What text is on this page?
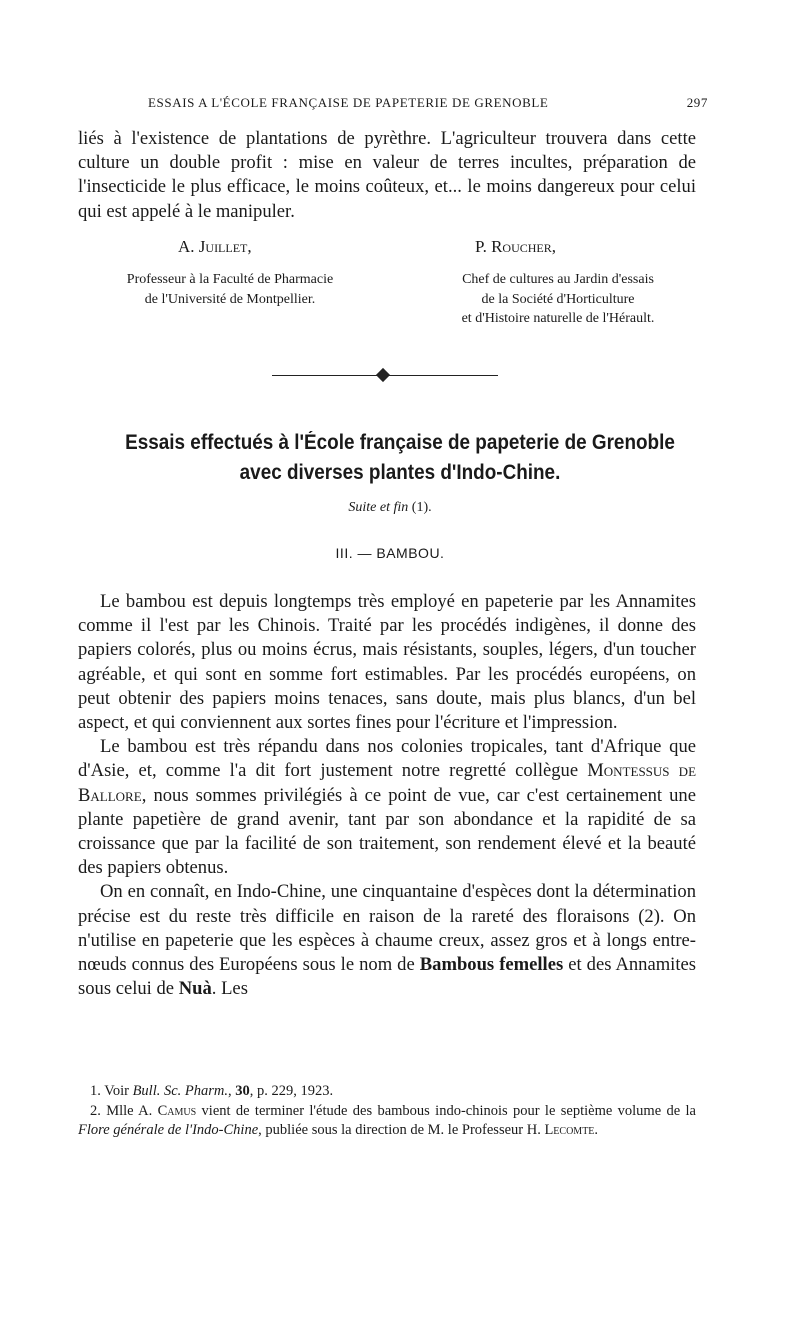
ESSAIS A L'ÉCOLE FRANÇAISE DE PAPETERIE DE GRENOBLE	297

liés à l'existence de plantations de pyrèthre. L'agriculteur trouvera dans cette culture un double profit : mise en valeur de terres incultes, préparation de l'insecticide le plus efficace, le moins coûteux, et... le moins dangereux pour celui qui est appelé à le manipuler.

A. Juillet,	P. Roucher,
Professeur à la Faculté de Pharmacie
de l'Université de Montpellier.
Chef de cultures au Jardin d'essais
de la Société d'Horticulture
et d'Histoire naturelle de l'Hérault.
Essais effectués à l'École française de papeterie de Grenoble
avec diverses plantes d'Indo-Chine.
Suite et fin (1).
III. — BAMBOU.

Le bambou est depuis longtemps très employé en papeterie par les Annamites comme il l'est par les Chinois. Traité par les procédés indigènes, il donne des papiers colorés, plus ou moins écrus, mais résistants, souples, légers, d'un toucher agréable, et qui sont en somme fort estimables. Par les procédés européens, on peut obtenir des papiers moins tenaces, sans doute, mais plus blancs, d'un bel aspect, et qui conviennent aux sortes fines pour l'écriture et l'impression.

Le bambou est très répandu dans nos colonies tropicales, tant d'Afrique que d'Asie, et, comme l'a dit fort justement notre regretté collègue Montessus de Ballore, nous sommes privilégiés à ce point de vue, car c'est certainement une plante papetière de grand avenir, tant par son abondance et la rapidité de sa croissance que par la facilité de son traitement, son rendement élevé et la beauté des papiers obtenus.

On en connaît, en Indo-Chine, une cinquantaine d'espèces dont la détermination précise est du reste très difficile en raison de la rareté des floraisons (2). On n'utilise en papeterie que les espèces à chaume creux, assez gros et à longs entre-nœuds connus des Européens sous le nom de Bambous femelles et des Annamites sous celui de Nuà. Les

1. Voir Bull. Sc. Pharm., 30, p. 229, 1923.

2. Mlle A. Camus vient de terminer l'étude des bambous indo-chinois pour le septième volume de la Flore générale de l'Indo-Chine, publiée sous la direction de M. le Professeur H. Lecomte.
